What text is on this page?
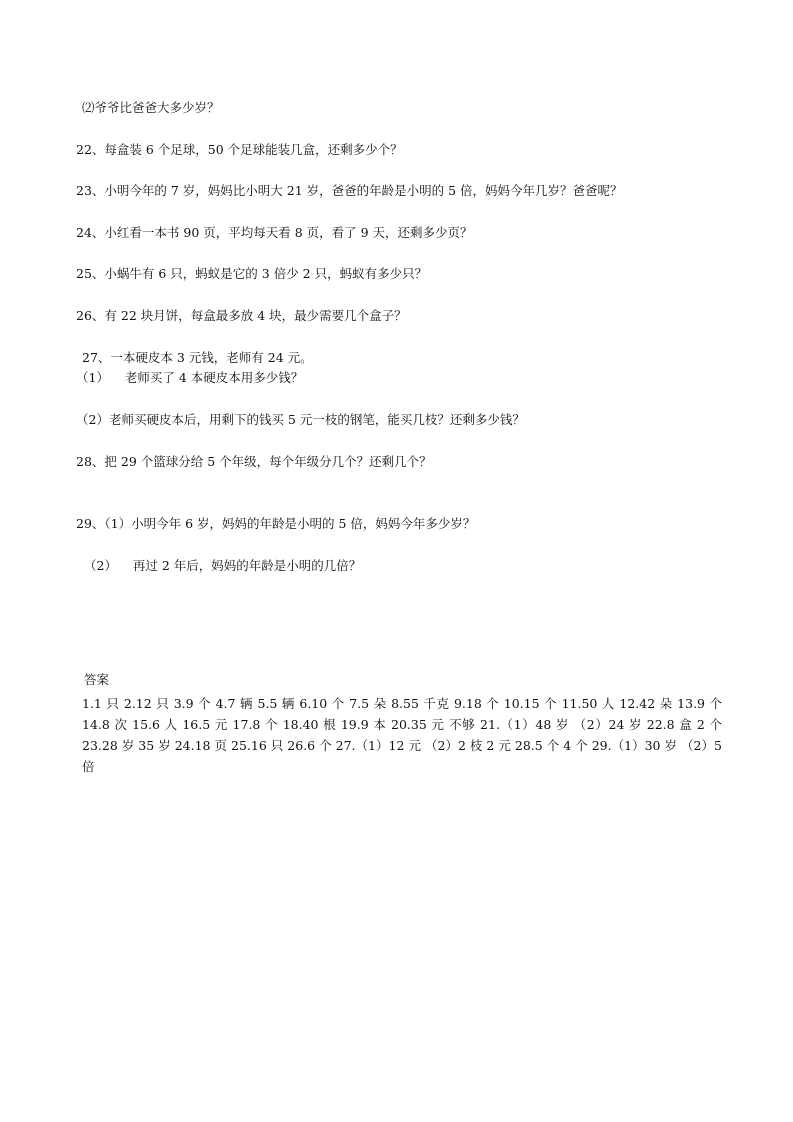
⑵爷爷比爸爸大多少岁？

22、每盒装 6 个足球，50 个足球能装几盒，还剩多少个？

23、小明今年的 7 岁，妈妈比小明大 21 岁，爸爸的年龄是小明的 5 倍，妈妈今年几岁？爸爸呢？

24、小红看一本书 90 页，平均每天看 8 页，看了 9 天，还剩多少页？

25、小蜗牛有 6 只，蚂蚁是它的 3 倍少 2 只，蚂蚁有多少只？

26、有 22 块月饼，每盒最多放 4 块，最少需要几个盒子？

27、一本硬皮本 3 元钱，老师有 24 元。

（1）    老师买了 4 本硬皮本用多少钱？

（2）老师买硬皮本后，用剩下的钱买 5 元一枝的钢笔，能买几枝？还剩多少钱？

28、把 29 个篮球分给 5 个年级，每个年级分几个？还剩几个？

29、（1）小明今年 6 岁，妈妈的年龄是小明的 5 倍，妈妈今年多少岁？

（2）    再过 2 年后，妈妈的年龄是小明的几倍？

答案

1.1 只 2.12 只 3.9 个 4.7 辆 5.5 辆 6.10 个 7.5 朵 8.55 千克 9.18 个 10.15 个 11.50 人 12.42 朵 13.9 个 14.8 次 15.6 人 16.5 元 17.8 个 18.40 根 19.9 本 20.35 元 不够 21.（1）48 岁 （2）24 岁 22.8 盒 2 个 23.28 岁 35 岁 24.18 页 25.16 只 26.6 个 27.（1）12 元 （2）2 枝 2 元 28.5 个 4 个 29.（1）30 岁 （2）5 倍
